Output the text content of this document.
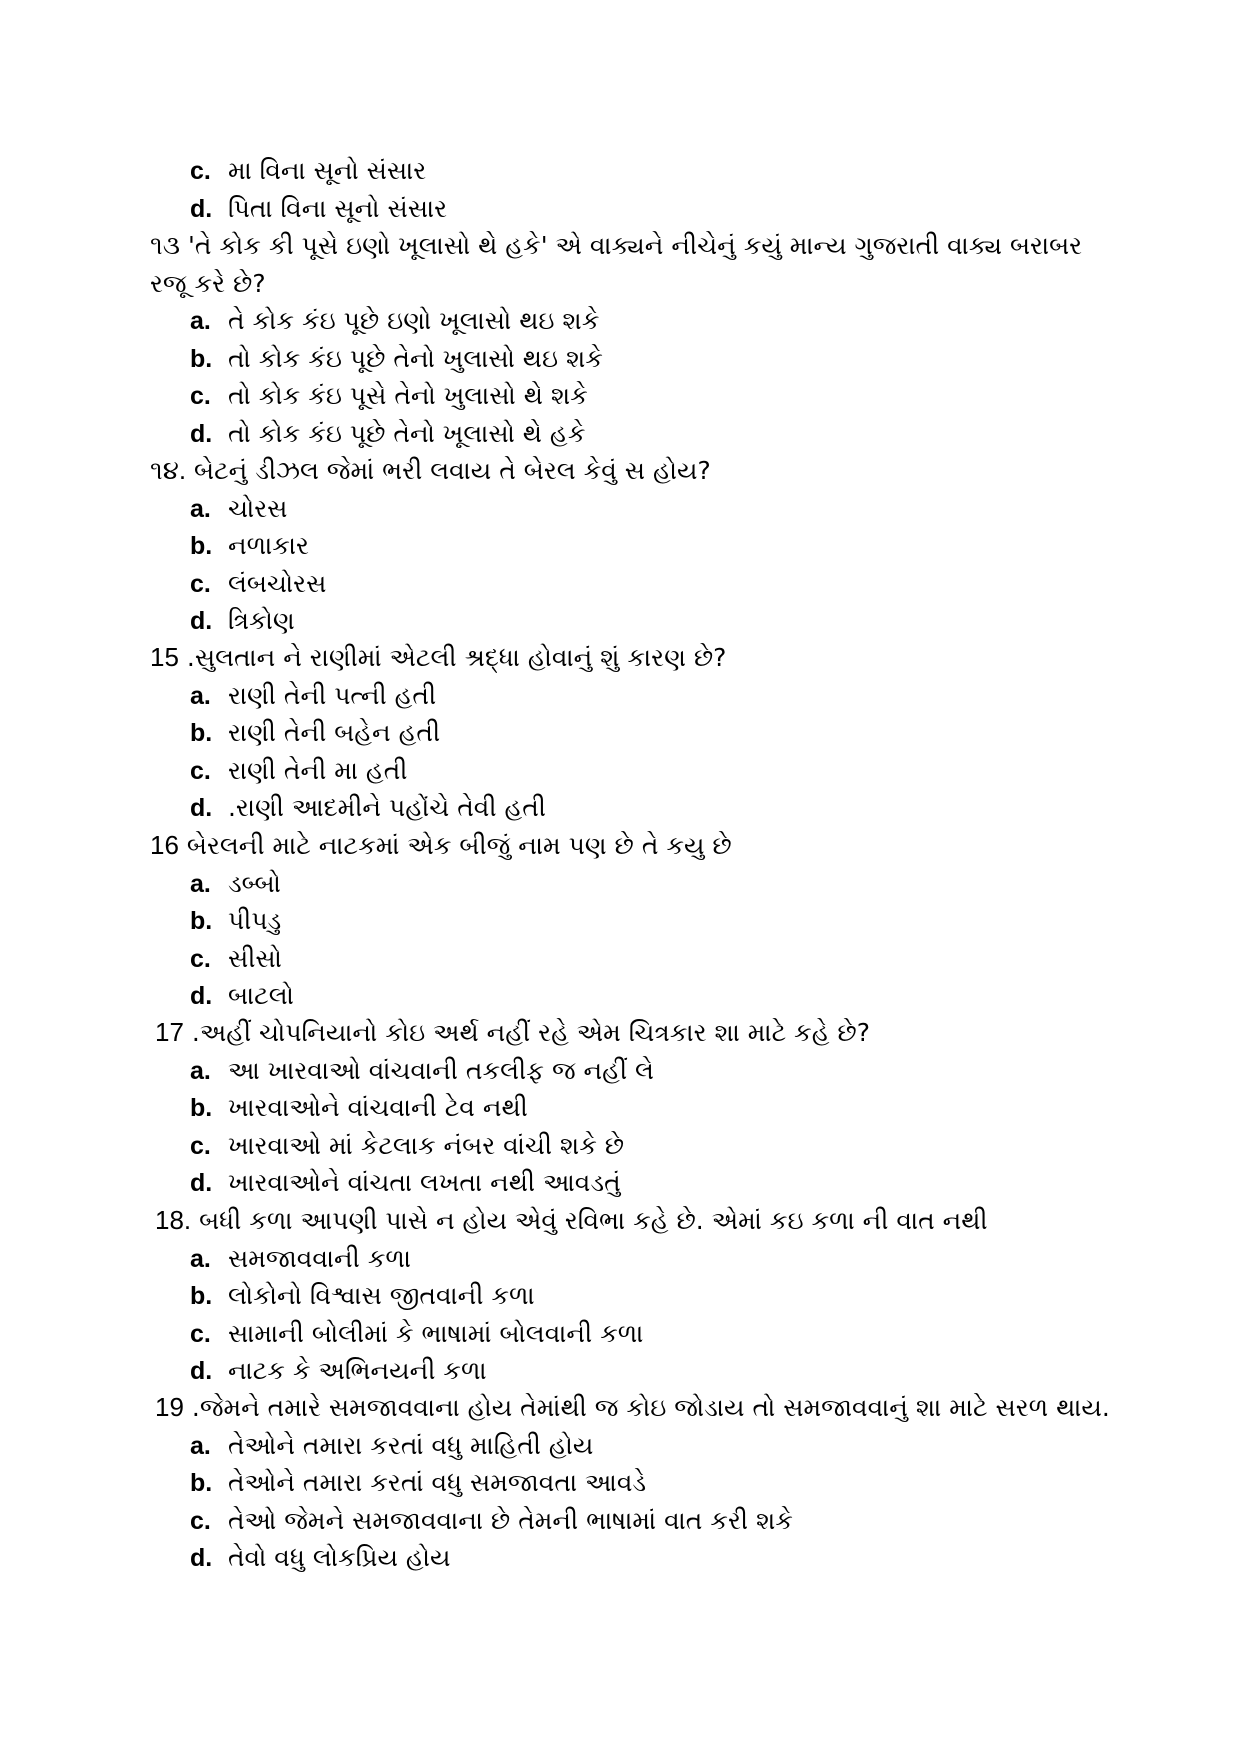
c. મા વિના સૂનો સંસાર
d. પિતા વિના સૂનો સંસાર
૧૩ 'તે કોક કી પૂસે ઇણો ખૂલાસો થે હકે' એ વાક્યને નીચેનું કયું માન્ય ગુજરાતી વાક્ય બરાબર રજૂ કરે છે?
a. તે કોક કંઇ પૂછે ઇણો ખૂલાસો થઇ શકે
b. તો કોક કંઇ પૂછે તેનો ખુલાસો થઇ શકે
c. તો કોક કંઇ પૂસે તેનો ખુલાસો થે શકે
d. તો કોક કંઇ પૂછે તેનો ખૂલાસો થે હકે
૧૪. બેટનું ડીઝલ જેમાં ભરી લવાય તે બેરલ કેવું સ હોય?
a. ચોરસ
b. નળાકાર
c. લંબચોરસ
d. ત્રિકોણ
15 .સુલતાન ને રાણીમાં એટલી શ્રદ્ધા હોવાનું શું કારણ છે?
a. રાણી તેની પત્ની હતી
b. રાણી તેની બહેન હતી
c. રાણી તેની મા હતી
d. .રાણી આદમીને પહોંચે તેવી હતી
16 બેરલની માટે નાટકમાં એક બીજું નામ પણ છે તે કયુ છે
a. ડબ્બો
b. પીપડુ
c. સીસો
d. બાટલો
17 .અહીં ચોપનિયાનો કોઇ અર્થ નહીં રહે એમ ચિત્રકાર શા માટે કહે છે?
a. આ ખારવાઓ વાંચવાની તકલીફ જ નહીં લે
b. ખારવાઓને વાંચવાની ટેવ નથી
c. ખારવાઓ માં કેટલાક નંબર વાંચી શકે છે
d. ખારવાઓને વાંચતા લખતા નથી આવડતું
18. બધી કળા આપણી પાસે ન હોય એવું રવિભા કહે છે. એમાં કઇ કળા ની વાત નથી
a. સમજાવવાની કળા
b. લોકોનો વિશ્વાસ જીતવાની કળા
c. સામાની બોલીમાં કે ભાષામાં બોલવાની કળા
d. નાટક કે અભિનયની કળા
19 .જેમને તમારે સમજાવવાના હોય તેમાંથી જ કોઇ જોડાય તો સમજાવવાનું શા માટે સરળ થાય.
a. તેઓને તમારા કરતાં વધુ માહિતી હોય
b. તેઓને તમારા કરતાં વધુ સમજાવતા આવડે
c. તેઓ જેમને સમજાવવાના છે તેમની ભાષામાં વાત કરી શકે
d. તેવો વધુ લોકપ્રિય હોય
